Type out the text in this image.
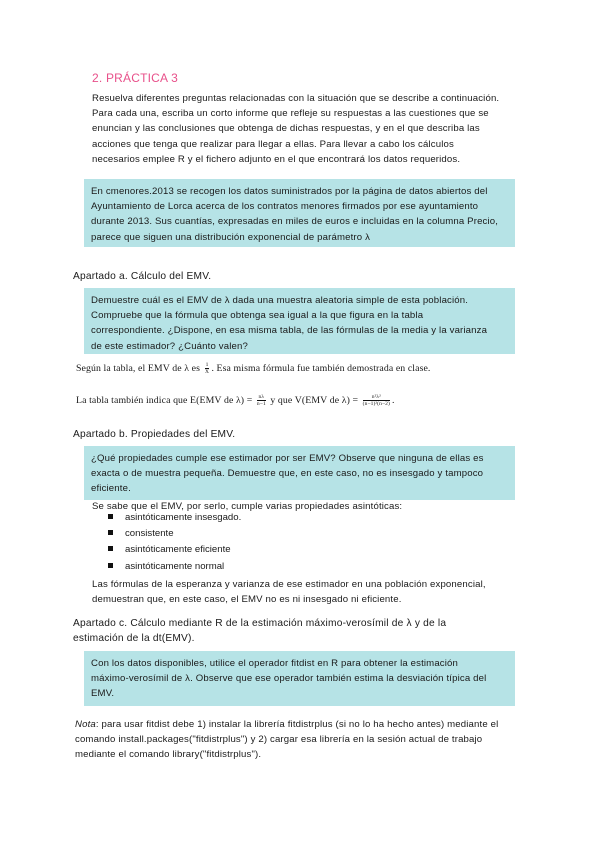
2. PRÁCTICA 3
Resuelva diferentes preguntas relacionadas con la situación que se describe a continuación.
Para cada una, escriba un corto informe que refleje su respuestas a las cuestiones que se
enuncian y las conclusiones que obtenga de dichas respuestas, y en el que describa las
acciones que tenga que realizar para llegar a ellas. Para llevar a cabo los cálculos
necesarios emplee R y el fichero adjunto en el que encontrará los datos requeridos.
En cmenores.2013 se recogen los datos suministrados por la página de datos abiertos del
Ayuntamiento de Lorca acerca de los contratos menores firmados por ese ayuntamiento
durante 2013. Sus cuantías, expresadas en miles de euros e incluidas en la columna Precio,
parece que siguen una distribución exponencial de parámetro λ
Apartado a. Cálculo del EMV.
Demuestre cuál es el EMV de λ dada una muestra aleatoria simple de esta población.
Compruebe que la fórmula que obtenga sea igual a la que figura en la tabla
correspondiente. ¿Dispone, en esa misma tabla, de las fórmulas de la media y la varianza
de este estimador? ¿Cuánto valen?
Según la tabla, el EMV de λ es $\frac{1}{X̄}$ . Esa misma fórmula fue también demostrada en clase.
La tabla también indica que E(EMV de $\lambda) = \frac{n\lambda}{n-1}$ y que V(EMV de $\lambda) = \frac{\text{n²λ²}}{\text{(n−1)²(n−2)}}$ .
Apartado b. Propiedades del EMV.
¿Qué propiedades cumple ese estimador por ser EMV? Observe que ninguna de ellas es
exacta o de muestra pequeña. Demuestre que, en este caso, no es insesgado y tampoco
eficiente.
Se sabe que el EMV, por serlo, cumple varias propiedades asintóticas:
asintóticamente insesgado.
consistente
asintóticamente eficiente
asintóticamente normal
Las fórmulas de la esperanza y varianza de ese estimador en una población exponencial,
demuestran que, en este caso, el EMV no es ni insesgado ni eficiente.
Apartado c. Cálculo mediante R de la estimación máximo-verosímil de λ y de la
estimación de la dt(EMV).
Con los datos disponibles, utilice el operador fitdist en R para obtener la estimación
máximo-verosímil de λ. Observe que ese operador también estima la desviación típica del
EMV.
Nota: para usar fitdist debe 1) instalar la librería fitdistrplus (si no lo ha hecho antes) mediante el
comando install.packages("fitdistrplus") y 2) cargar esa librería en la sesión actual de trabajo
mediante el comando library("fitdistrplus").
